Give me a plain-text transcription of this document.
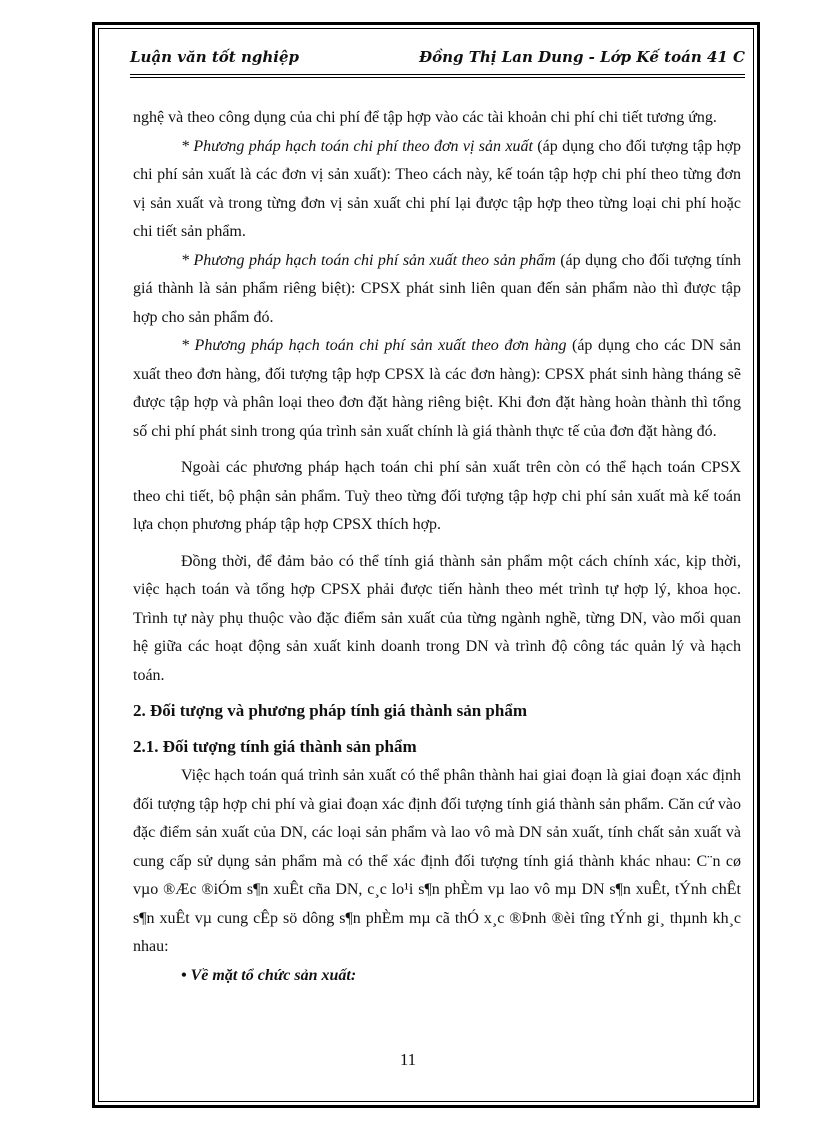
Luận văn tốt nghiệp	Đồng Thị Lan Dung - Lớp Kế toán 41 C

nghệ và theo công dụng của chi phí để tập hợp vào các tài khoản chi phí chi tiết tương ứng.

* Phương pháp hạch toán chi phí theo đơn vị sản xuất (áp dụng cho đối tượng tập hợp chi phí sản xuất là các đơn vị sản xuất): Theo cách này, kế toán tập hợp chi phí theo từng đơn vị sản xuất và trong từng đơn vị sản xuất chi phí lại được tập hợp theo từng loại chi phí hoặc chi tiết sản phẩm.

* Phương pháp hạch toán chi phí sản xuất theo sản phẩm (áp dụng cho đối tượng tính giá thành là sản phẩm riêng biệt): CPSX phát sinh liên quan đến sản phẩm nào thì được tập hợp cho sản phẩm đó.

* Phương pháp hạch toán chi phí sản xuất theo đơn hàng (áp dụng cho các DN sản xuất theo đơn hàng, đối tượng tập hợp CPSX là các đơn hàng): CPSX phát sinh hàng tháng sẽ được tập hợp và phân loại theo đơn đặt hàng riêng biệt. Khi đơn đặt hàng hoàn thành thì tổng số chi phí phát sinh trong qúa trình sản xuất chính là giá thành thực tế của đơn đặt hàng đó.

Ngoài các phương pháp hạch toán chi phí sản xuất trên còn có thể hạch toán CPSX theo chi tiết, bộ phận sản phẩm. Tuỳ theo từng đối tượng tập hợp chi phí sản xuất mà kế toán lựa chọn phương pháp tập hợp CPSX thích hợp.

Đồng thời, để đảm bảo có thể tính giá thành sản phẩm một cách chính xác, kịp thời, việc hạch toán và tổng hợp CPSX phải được tiến hành theo mét trình tự hợp lý, khoa học. Trình tự này phụ thuộc vào đặc điểm sản xuất của từng ngành nghề, từng DN, vào mối quan hệ giữa các hoạt động sản xuất kinh doanh trong DN và trình độ công tác quản lý và hạch toán.

2. Đối tượng và phương pháp tính giá thành sản phẩm
2.1. Đối tượng tính giá thành sản phẩm

Việc hạch toán quá trình sản xuất có thể phân thành hai giai đoạn là giai đoạn xác định đối tượng tập hợp chi phí và giai đoạn xác định đối tượng tính giá thành sản phẩm. Căn cứ vào đặc điểm sản xuất của DN, các loại sản phẩm và lao vô mà DN sản xuất, tính chất sản xuất và cung cấp sử dụng sản phẩm mà có thể xác định đối tượng tính giá thành khác nhau: C¨n cø vµo ®Æc ®iÓm s¶n xuÊt cña DN, c¸c lo¹i s¶n phÈm vµ lao vô mµ DN s¶n xuÊt, tÝnh chÊt s¶n xuÊt vµ cung cÊp sö dông s¶n phÈm mµ cã thÓ x¸c ®Þnh ®èi tîng tÝnh gi¸ thµnh kh¸c nhau:

• Về mặt tổ chức sản xuất:

11
